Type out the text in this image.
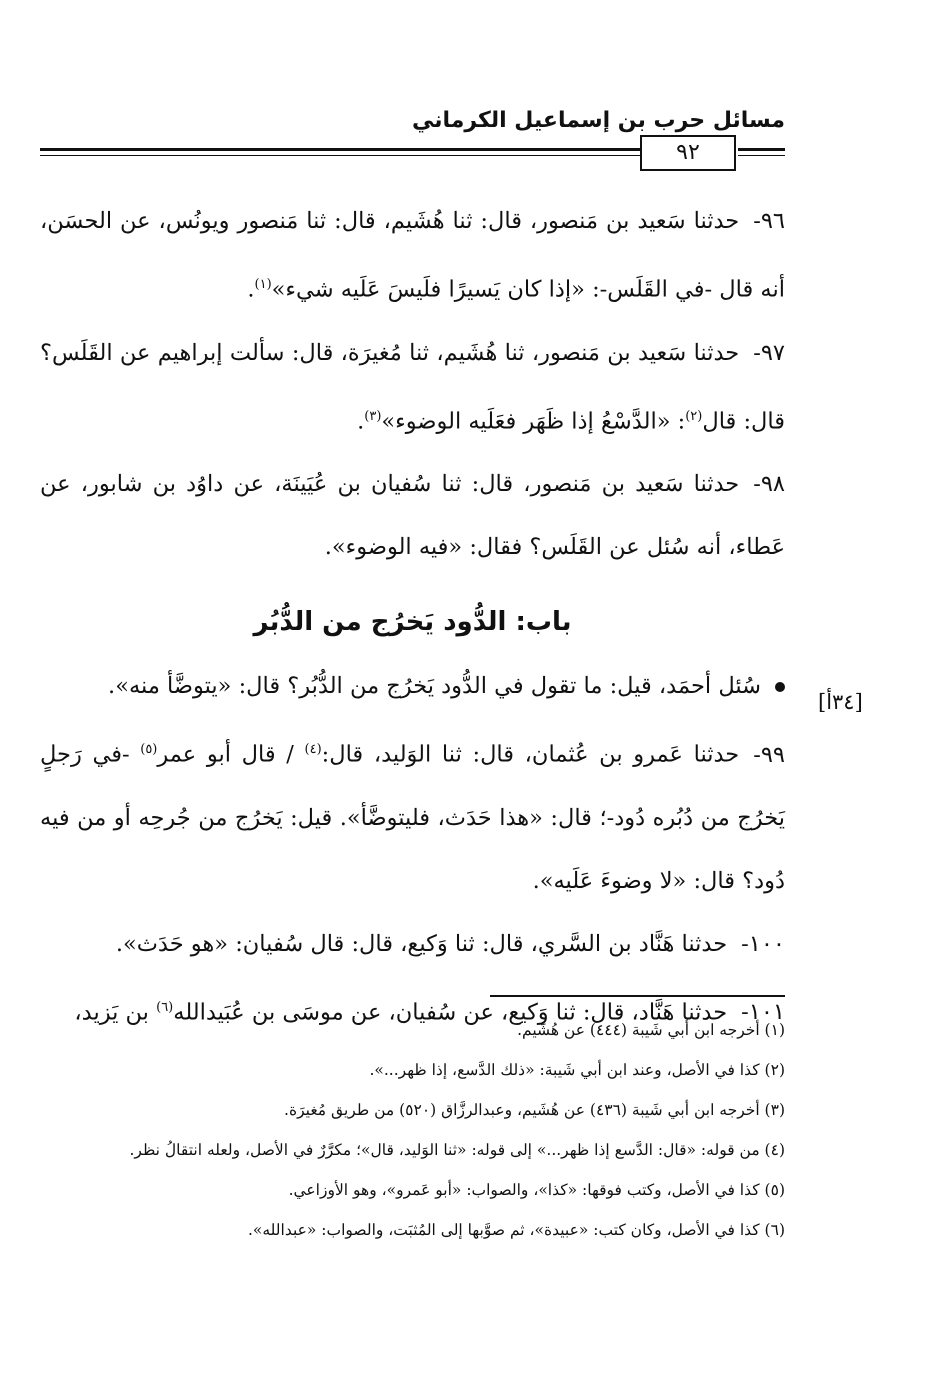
مسائل حرب بن إسماعيل الكرماني
٩٢

٩٦-حدثنا سَعيد بن مَنصور، قال: ثنا هُشَيم، قال: ثنا مَنصور ويونُس، عن الحسَن، أنه قال -في القَلَس-: «إذا كان يَسيرًا فلَيسَ عَلَيه شيء»$^{(١)}$.

٩٧-حدثنا سَعيد بن مَنصور، ثنا هُشَيم، ثنا مُغيرَة، قال: سألت إبراهيم عن القَلَس؟ قال: قال$^{(٢)}$: «الدَّسْعُ إذا ظَهَر فعَلَيه الوضوء»$^{(٣)}$.

٩٨-حدثنا سَعيد بن مَنصور، قال: ثنا سُفيان بن عُيَينَة، عن داوُد بن شابور، عن عَطاء، أنه سُئل عن القَلَس؟ فقال: «فيه الوضوء».

باب: الدُّود يَخرُج من الدُّبُر

سُئل أحمَد، قيل: ما تقول في الدُّود يَخرُج من الدُّبُر؟ قال: «يتوضَّأ منه».

٩٩-حدثنا عَمرو بن عُثمان، قال: ثنا الوَليد، قال:$^{(٤)}$ / قال أبو عمر$^{(٥)}$ -في رَجلٍ يَخرُج من دُبُره دُود-؛ قال: «هذا حَدَث، فليتوضَّأ». قيل: يَخرُج من جُرحِه أو من فيه دُود؟ قال: «لا وضوءَ عَلَيه».

١٠٠-حدثنا هَنَّاد بن السَّري، قال: ثنا وَكيع، قال: قال سُفيان: «هو حَدَث».

١٠١-حدثنا هَنَّاد، قال: ثنا وَكيع، عن سُفيان، عن موسَى بن عُبَيدالله$^{(٦)}$ بن يَزيد،

[٣٤أ]

(١) أخرجه ابن أبي شَيبة (٤٤٤) عن هُشَيم.

(٢) كذا في الأصل، وعند ابن أبي شَيبة: «ذلك الدَّسع، إذا ظهر...».

(٣) أخرجه ابن أبي شَيبة (٤٣٦) عن هُشَيم، وعبدالرزَّاق (٥٢٠) من طريق مُغيرَة.

(٤) من قوله: «قال: الدَّسع إذا ظهر...» إلى قوله: «ثنا الوَليد، قال»؛ مكرَّرٌ في الأصل، ولعله انتقالُ نظر.

(٥) كذا في الأصل، وكتب فوقها: «كذا»، والصواب: «أبو عَمرو»، وهو الأوزاعي.

(٦) كذا في الأصل، وكان كتب: «عبيدة»، ثم صوَّبها إلى المُثبَت، والصواب: «عبدالله».
